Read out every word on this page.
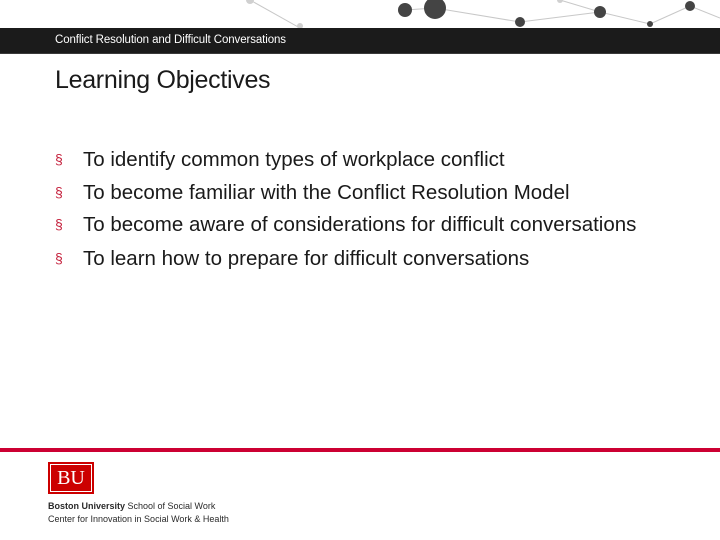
Conflict Resolution and Difficult Conversations
Learning Objectives
§ To identify common types of workplace conflict
§ To become familiar with the Conflict Resolution Model
§ To become aware of considerations for difficult conversations
§ To learn how to prepare for difficult conversations
BU
Boston University School of Social Work
Center for Innovation in Social Work & Health
